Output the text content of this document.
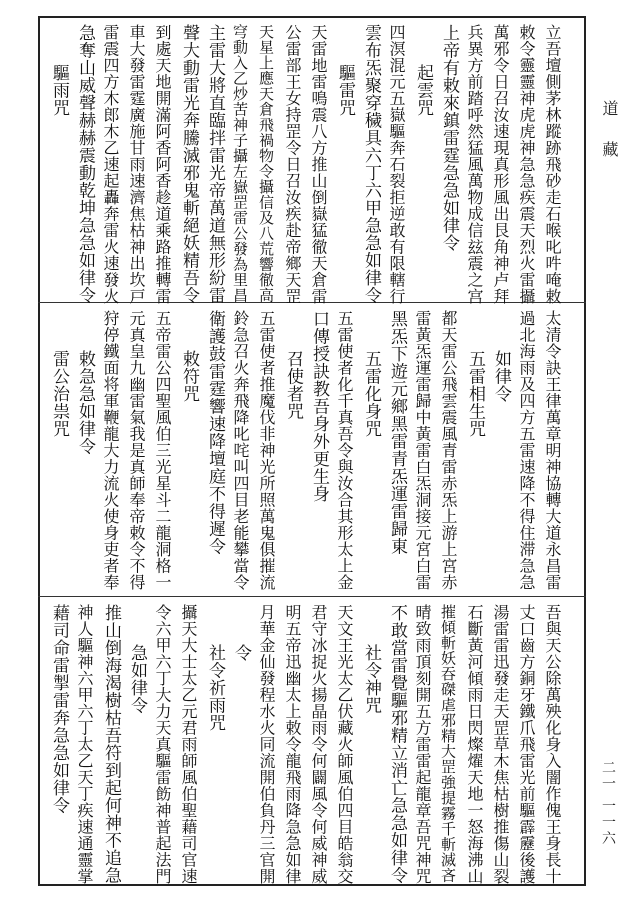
道 藏
二一 一一六
立吾壇側茅林蹤跡飛砂走石喉叱吽唵敕
敕令靈靈神虎虎神急急疾震天烈火雷攝
萬邪令日召汝速現真形風出艮角神卢拜
兵異方前踏呼然猛風萬物成信玆震之宫
上帝有敕來鎮雷霆急急如律令
起雲咒
四溟混元五嶽驅奔石裂拒逆敢有限轄行
雲布炁聚穿穢具六丁六甲急急如律令
驅雷咒
天雷地雷鳴震八方推山倒嶽猛徹天倉雷
公雷部王女持罡令日召汝疾赴帝鄉天罡
天星上應天倉飛禍物令攝信及八荒響徹高
穹動入乙炒苦神子攝左嶽罡雷公發為里昌
主雷大將直臨拌雷光帝萬道無形紛雷
聲大動雷光奔騰滅邪鬼斬絕妖精吾令
到處天地開滿阿香阿香趁道乘路推轉雷
車大發雷霆廣施甘雨速濟焦枯神出坎戸
雷震四方木郎木乙速起轟奔雷火速發火
急奪山威聲赫赫震動乾坤急急如律令
驅雨咒
太清令訣王律萬章明神協轉大道永昌雷
過北海雨及四方五雷速降不得住滞急急
如律令
五雷相生咒
都天雷公飛雲震風青雷赤炁上游上宮赤
雷黃炁運雷歸中黃雷白炁洞接元宮白雷
黑炁下遊元鄉黑雷青炁運雷歸東
五雷化身咒
五雷使者化千真吾令與汝合其形太上金
口傳授訣教吾身外更生身
召使者咒
五雷使者推魔伐非神光所照萬鬼俱摧流
鈴急召火奔飛降叱咤叫四目老能攀當令
衛護鼓雷霆響速降壇庭不得遲令
敕符咒
五帝雷公四聖風伯三光星斗二龍洞格一
元真皇九幽雷氣我是真師奉帝敕令不得
狩停鐵面将軍鞭龍大力流火使身吏者奉
敕急急如律令
雷公治祟咒
吾與天公除萬殃化身入闇作傀王身長十
丈口齒方銅牙鐵爪飛雷光前驅霹靂後護
湯雷雷迅發走天罡草木焦枯樹推傷山裂
石斷黃河傾雨日閃燦燿天地一怒海沸山
摧傾斬妖吞磔虐邪精大罡強提霧千斬滅吝
晴致雨頂刻開五方雷雷起龍章吾咒神咒
不敢當雷覺驅邪精立消亡急急如律令
社令神咒
天文王光太乙伏藏火師風伯四目皓翁交
君守冰捉火揚晶雨令何闢風令何威神威
明五帝迅幽太上敕令龍飛雨降急急如律
月華金仙發程水火同流開伯負丹三官開
令
社令祈雨咒
攝天大士太乙元君雨師風伯聖藉司官速
令六甲六丁大力天真驅雷飭神普起法門
急如律令
推山倒海渴樹枯吾符到起何神不追急
神人驅神六甲六丁太乙天丁疾速通靈掌
藉司命雷掣雷奔急急如律令
